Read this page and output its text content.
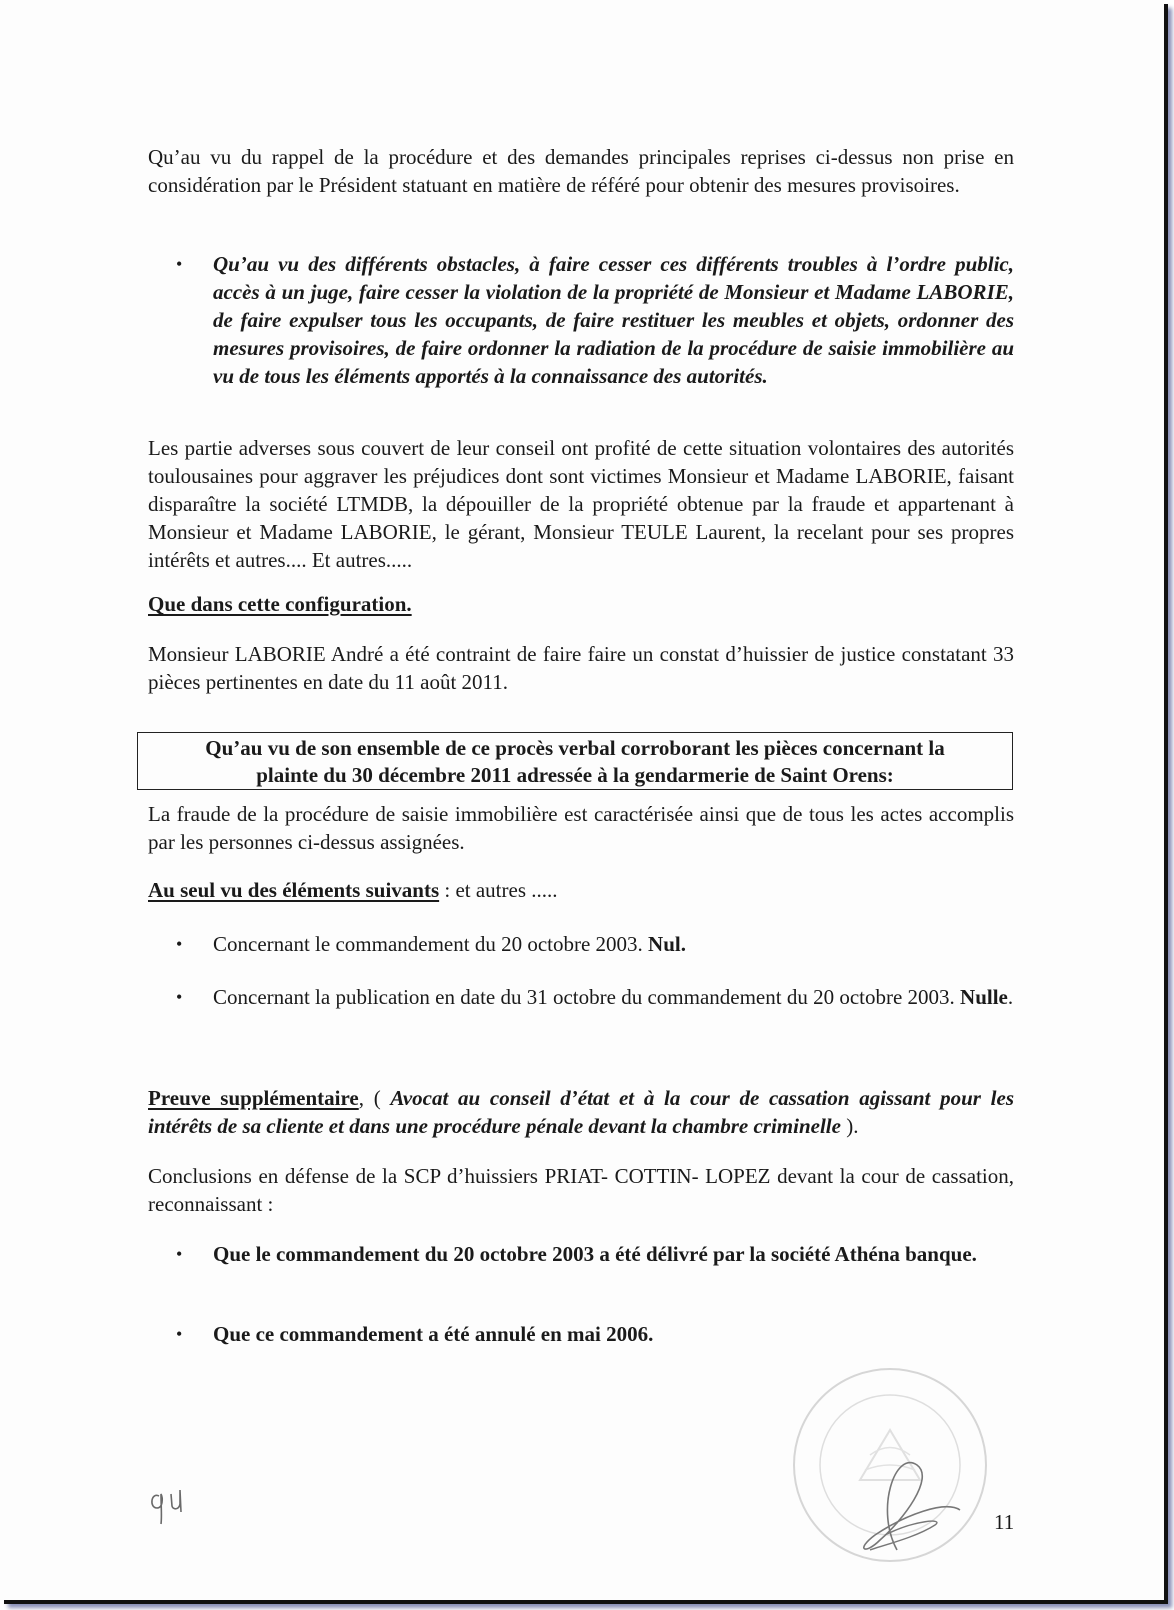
Qu’au vu du rappel de la procédure et des demandes principales reprises ci-dessus non prise en considération par le Président statuant en matière de référé pour obtenir des mesures provisoires.
• Qu’au vu des différents obstacles, à faire cesser ces différents troubles à l’ordre public, accès à un juge, faire cesser la violation de la propriété de Monsieur et Madame LABORIE, de faire expulser tous les occupants, de faire restituer les meubles et objets, ordonner des mesures provisoires, de faire ordonner la radiation de la procédure de saisie immobilière au vu de tous les éléments apportés à la connaissance des autorités.
Les partie adverses sous couvert de leur conseil ont profité de cette situation volontaires des autorités toulousaines pour aggraver les préjudices dont sont victimes Monsieur et Madame LABORIE, faisant disparaître la société LTMDB, la dépouiller de la propriété obtenue par la fraude et appartenant à Monsieur et Madame LABORIE, le gérant, Monsieur TEULE Laurent, la recelant pour ses propres intérêts et autres.... Et autres.....
Que dans cette configuration.
Monsieur LABORIE André a été contraint de faire faire un constat d’huissier de justice constatant 33 pièces pertinentes en date du 11 août 2011.
Qu’au vu de son ensemble de ce procès verbal corroborant les pièces concernant la
plainte du 30 décembre 2011 adressée à la gendarmerie de Saint Orens:
La fraude de la procédure de saisie immobilière est caractérisée ainsi que de tous les actes accomplis par les personnes ci-dessus assignées.
Au seul vu des éléments suivants : et autres .....
• Concernant le commandement du 20 octobre 2003. Nul.
• Concernant la publication en date du 31 octobre du commandement du 20 octobre 2003. Nulle.
Preuve supplémentaire, ( Avocat au conseil d’état et à la cour de cassation agissant pour les intérêts de sa cliente et dans une procédure pénale devant la chambre criminelle ).
Conclusions en défense de la SCP d’huissiers PRIAT- COTTIN- LOPEZ devant la cour de cassation, reconnaissant :
• Que le commandement du 20 octobre 2003 a été délivré par la société Athéna banque.
• Que ce commandement a été annulé en mai 2006.
11
